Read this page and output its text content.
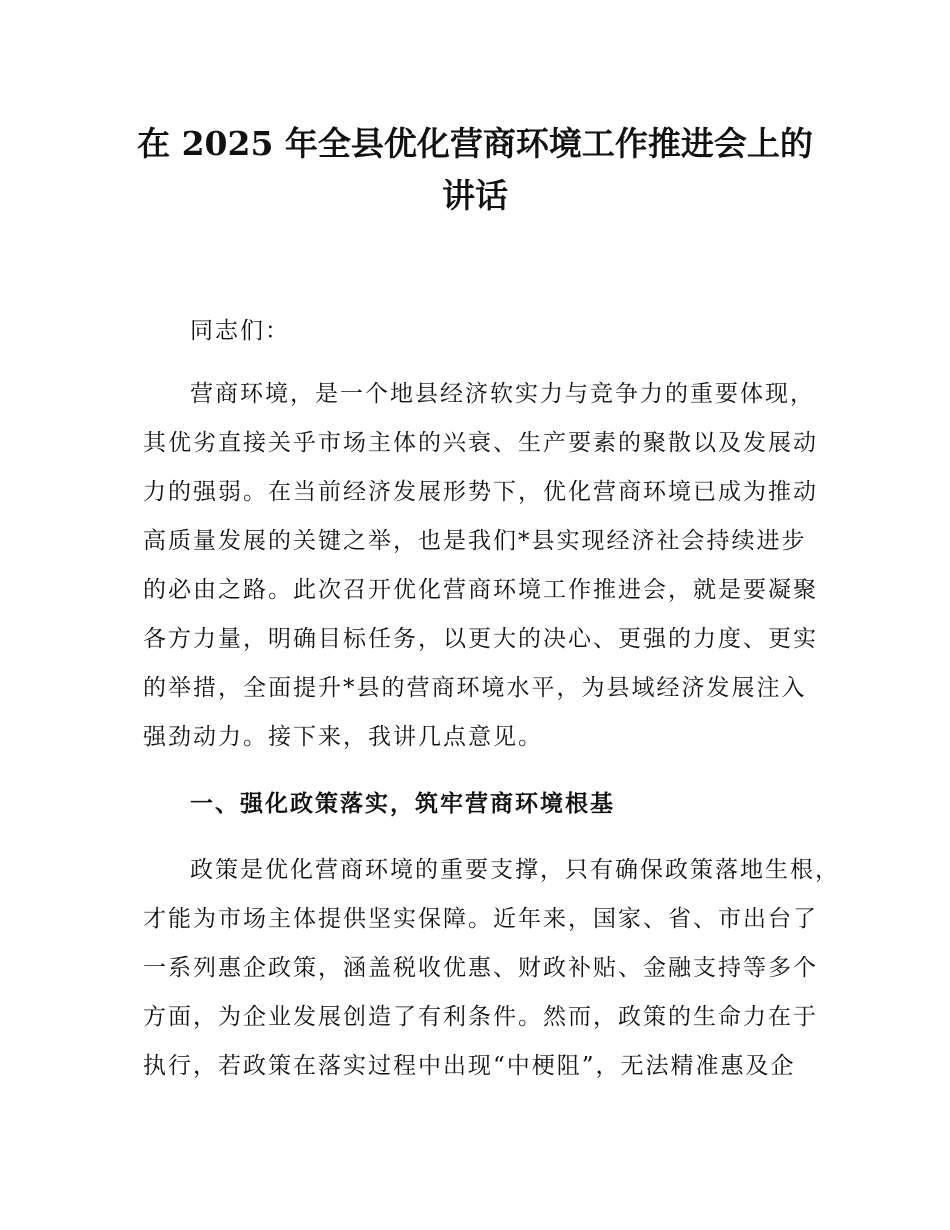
在 2025 年全县优化营商环境工作推进会上的
讲话
同志们：
营商环境，是一个地县经济软实力与竞争力的重要体现，
其优劣直接关乎市场主体的兴衰、生产要素的聚散以及发展动
力的强弱。在当前经济发展形势下，优化营商环境已成为推动
高质量发展的关键之举，也是我们*县实现经济社会持续进步
的必由之路。此次召开优化营商环境工作推进会，就是要凝聚
各方力量，明确目标任务，以更大的决心、更强的力度、更实
的举措，全面提升*县的营商环境水平，为县域经济发展注入
强劲动力。接下来，我讲几点意见。
一、强化政策落实，筑牢营商环境根基
政策是优化营商环境的重要支撑，只有确保政策落地生根，
才能为市场主体提供坚实保障。近年来，国家、省、市出台了
一系列惠企政策，涵盖税收优惠、财政补贴、金融支持等多个
方面，为企业发展创造了有利条件。然而，政策的生命力在于
执行，若政策在落实过程中出现“中梗阻”，无法精准惠及企
